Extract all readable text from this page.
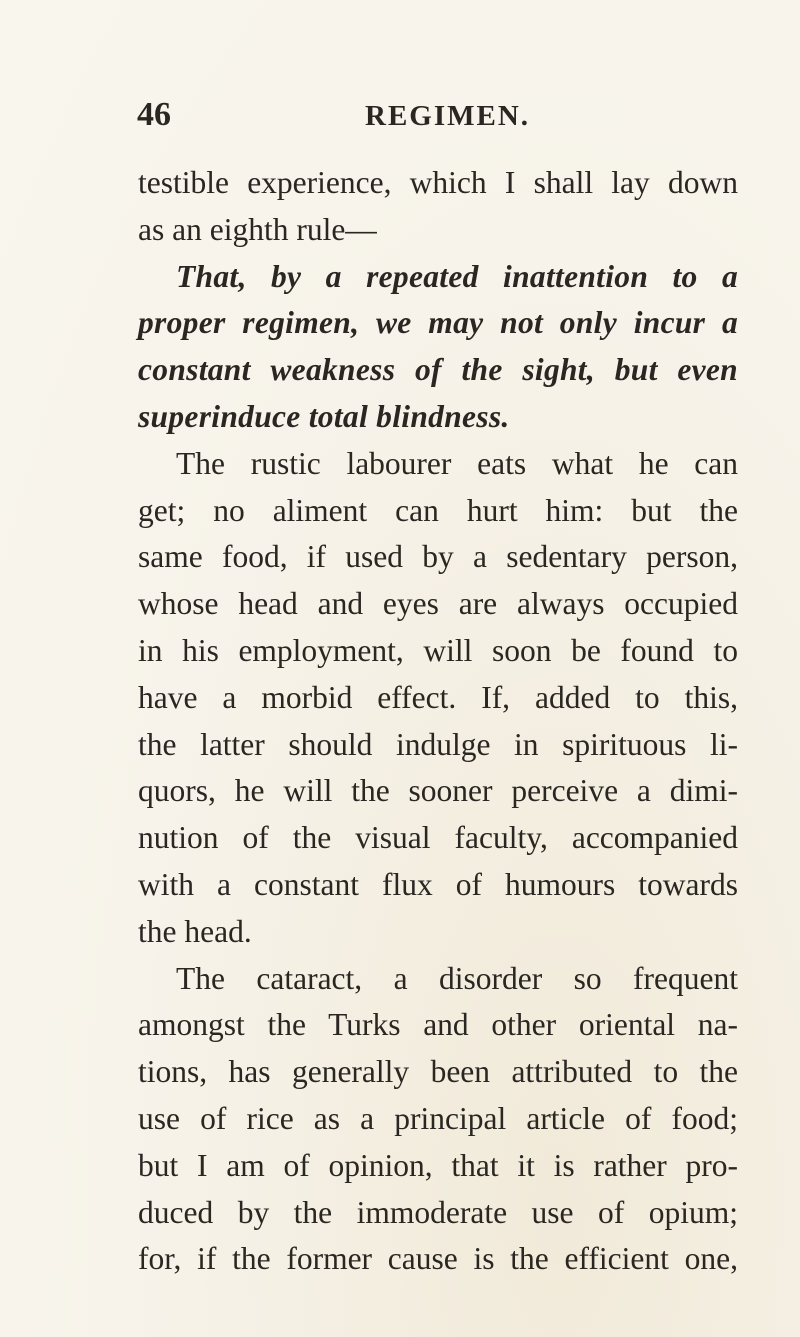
46	REGIMEN.
testible experience, which I shall lay down
as an eighth rule—
That, by a repeated inattention to a
proper regimen, we may not only incur a
constant weakness of the sight, but even
superinduce total blindness.
The rustic labourer eats what he can
get; no aliment can hurt him: but the
same food, if used by a sedentary person,
whose head and eyes are always occupied
in his employment, will soon be found to
have a morbid effect. If, added to this,
the latter should indulge in spirituous li-
quors, he will the sooner perceive a dimi-
nution of the visual faculty, accompanied
with a constant flux of humours towards
the head.
The cataract, a disorder so frequent
amongst the Turks and other oriental na-
tions, has generally been attributed to the
use of rice as a principal article of food;
but I am of opinion, that it is rather pro-
duced by the immoderate use of opium;
for, if the former cause is the efficient one,
